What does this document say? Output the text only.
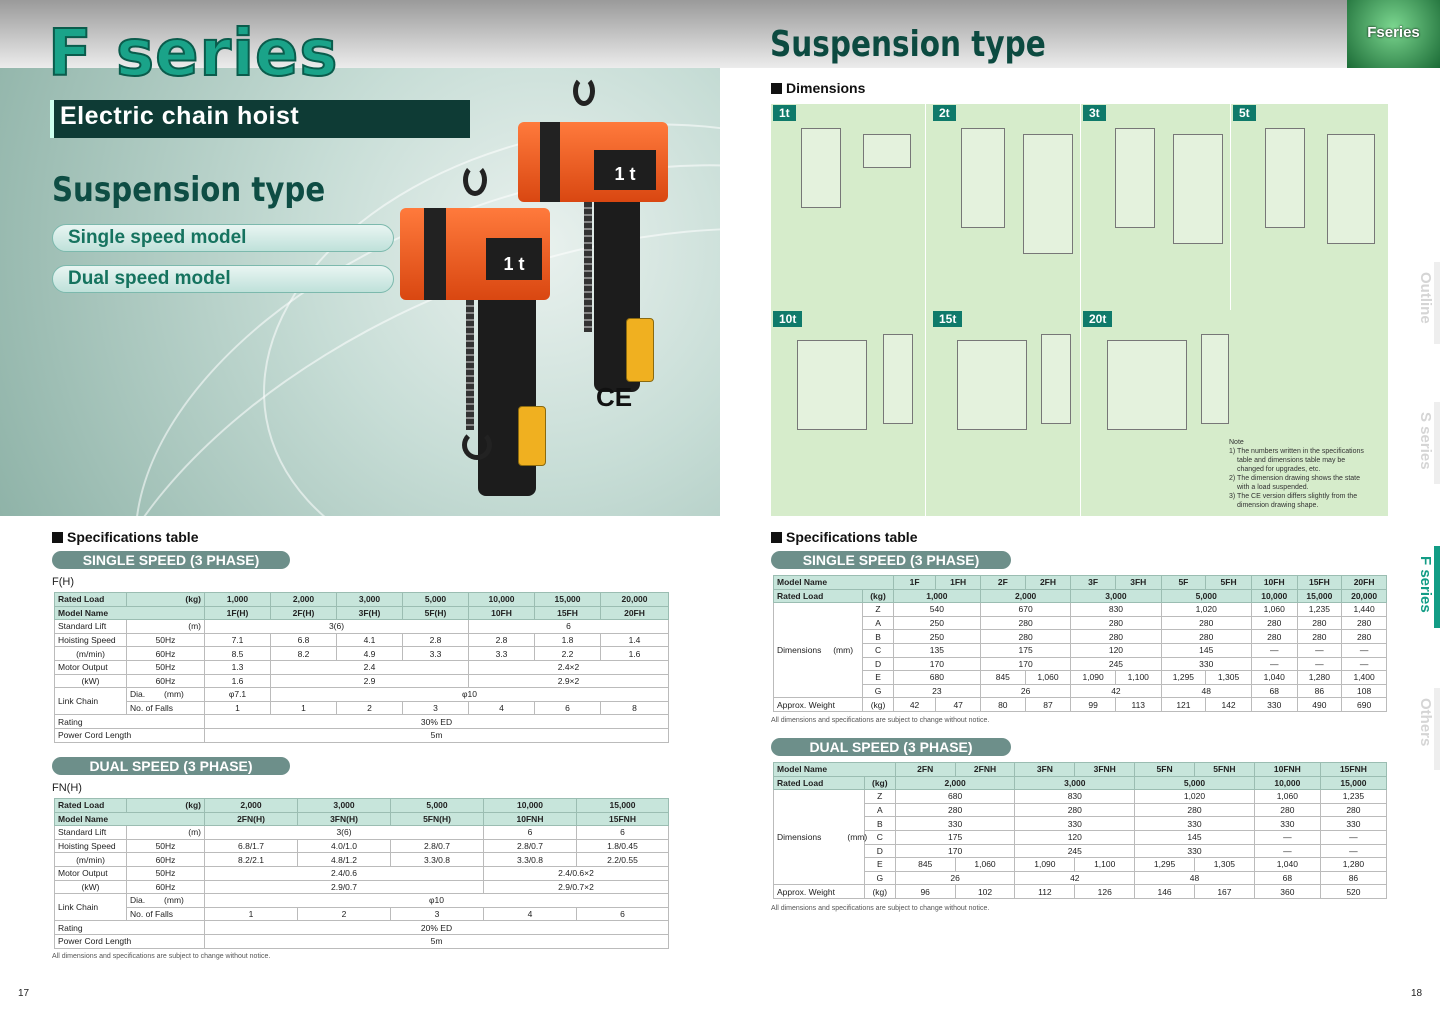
1 t
1 t
F series
Electric chain hoist
Suspension type
Single speed model
Dual speed model
CE
Suspension type	Fseries
Dimensions
1t	2t	3t	5t
10t	15t	20t
Note
1) The numbers written in the specifications
table and dimensions table may be
changed for upgrades, etc.
2) The dimension drawing shows the state
with a load suspended.
3) The CE version differs slightly from the
dimension drawing shape.
Outline
S series
F series
Others
Specifications table
SINGLE SPEED (3 PHASE)
F(H)
Rated Load	(kg)	1,000	2,000	3,000	5,000	10,000	15,000	20,000
Model Name		1F(H)	2F(H)	3F(H)	5F(H)	10FH	15FH	20FH
Standard Lift	(m)	3(6)				6		
Hoisting Speed	50Hz	7.1	6.8	4.1	2.8	2.8	1.8	1.4
(m/min)	60Hz	8.5	8.2	4.9	3.3	3.3	2.2	1.6
Motor Output	50Hz	1.3	2.4			2.4×2		
(kW)	60Hz	1.6	2.9			2.9×2		
Link Chain	Dia. (mm)	φ7.1	φ10					
	No. of Falls	1	1	2	3	4	6	8
Rating		30% ED						
Power Cord Length		5m						
DUAL SPEED (3 PHASE)
FN(H)
Rated Load	(kg)	2,000	3,000	5,000	10,000	15,000
Model Name		2FN(H)	3FN(H)	5FN(H)	10FNH	15FNH
Standard Lift	(m)	3(6)			6	6
Hoisting Speed	50Hz	6.8/1.7	4.0/1.0	2.8/0.7	2.8/0.7	1.8/0.45
(m/min)	60Hz	8.2/2.1	4.8/1.2	3.3/0.8	3.3/0.8	2.2/0.55
Motor Output	50Hz	2.4/0.6			2.4/0.6×2	
(kW)	60Hz	2.9/0.7			2.9/0.7×2	
Link Chain	Dia. (mm)	φ10				
	No. of Falls	1	2	3	4	6
Rating		20% ED				
Power Cord Length		5m				
All dimensions and specifications are subject to change without notice.
17
Specifications table
SINGLE SPEED (3 PHASE)
Model Name		1F	1FH	2F	2FH	3F	3FH	5F	5FH	10FH	15FH	20FH
Rated Load	(kg)	1,000		2,000		3,000		5,000		10,000	15,000	20,000
Dimensions (mm)	Z	540		670		830		1,020		1,060	1,235	1,440
	A	250		280		280		280		280	280	280
	B	250		280		280		280		280	280	280
	C	135		175		120		145		—	—	—
	D	170		170		245		330		—	—	—
	E	680		845	1,060	1,090	1,100	1,295	1,305	1,040	1,280	1,400
	G	23		26		42		48		68	86	108
Approx. Weight	(kg)	42	47	80	87	99	113	121	142	330	490	690
All dimensions and specifications are subject to change without notice.
DUAL SPEED (3 PHASE)
Model Name		2FN	2FNH	3FN	3FNH	5FN	5FNH	10FNH	15FNH
Rated Load	(kg)	2,000		3,000		5,000		10,000	15,000
Dimensions (mm)	Z	680		830		1,020		1,060	1,235
	A	280		280		280		280	280
	B	330		330		330		330	330
	C	175		120		145		—	—
	D	170		245		330		—	—
	E	845	1,060	1,090	1,100	1,295	1,305	1,040	1,280
	G	26		42		48		68	86
Approx. Weight	(kg)	96	102	112	126	146	167	360	520
All dimensions and specifications are subject to change without notice.
18
